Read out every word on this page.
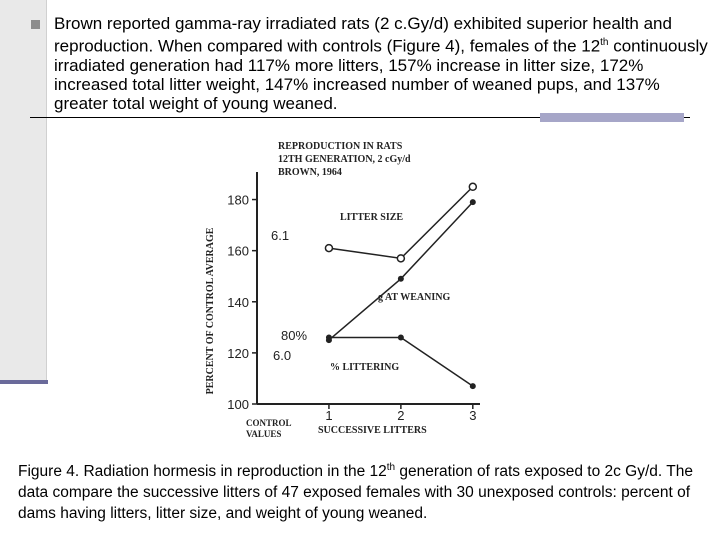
Brown reported gamma-ray irradiated rats (2 c.Gy/d) exhibited superior health and reproduction. When compared with controls (Figure 4), females of the 12th continuously irradiated generation had 117% more litters, 157% increase in litter size, 172% increased total litter weight, 147% increased number of weaned pups, and 137% greater total weight of young weaned.

REPRODUCTION IN RATS
12TH GENERATION, 2 cGy/d
BROWN, 1964
PERCENT OF CONTROL AVERAGE
100
120
140
160
180
1	2	3
LITTER SIZE
g AT WEANING
% LITTERING
6.1
80%
6.0
CONTROL
VALUES	SUCCESSIVE LITTERS

Figure 4. Radiation hormesis in reproduction in the 12th generation of rats exposed to 2c Gy/d. The data compare the successive litters of 47 exposed females with 30 unexposed controls: percent of dams having litters, litter size, and weight of young weaned.
